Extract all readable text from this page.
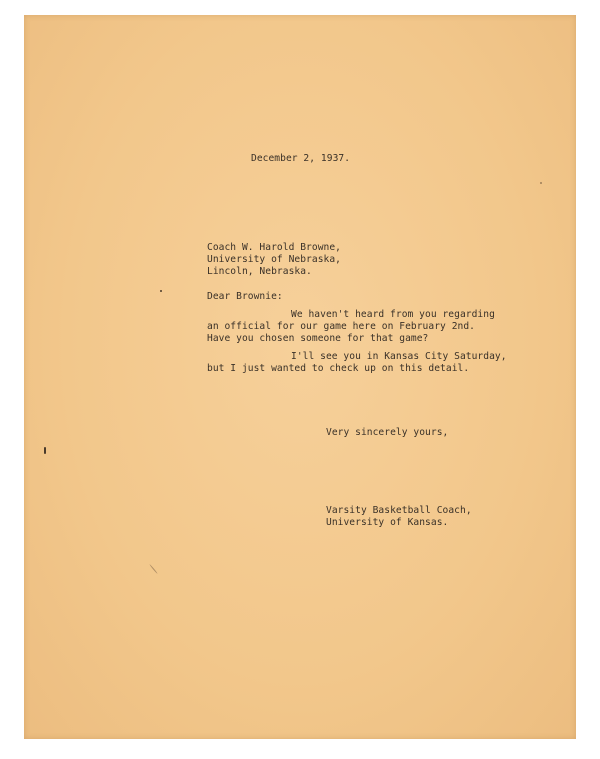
December 2, 1937.
Coach W. Harold Browne,
University of Nebraska,
Lincoln, Nebraska.
Dear Brownie:
We haven't heard from you regarding
an official for our game here on February 2nd.
Have you chosen someone for that game?
I'll see you in Kansas City Saturday,
but I just wanted to check up on this detail.
Very sincerely yours,
Varsity Basketball Coach,
University of Kansas.
